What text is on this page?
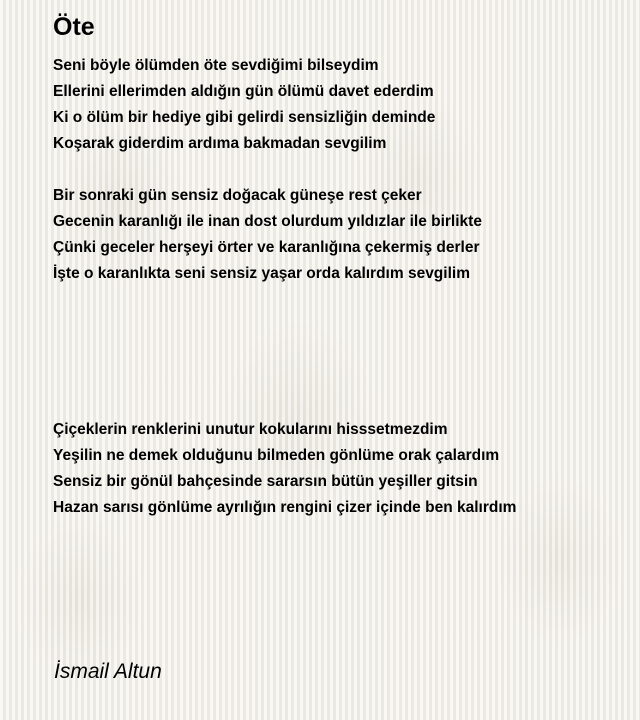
Öte

Seni böyle ölümden öte sevdiğimi bilseydim
Ellerini ellerimden aldığın gün ölümü davet ederdim
Ki o ölüm bir hediye gibi gelirdi sensizliğin deminde
Koşarak giderdim ardıma bakmadan sevgilim

Bir sonraki gün sensiz doğacak güneşe rest çeker
Gecenin karanlığı ile inan dost olurdum yıldızlar ile birlikte
Çünki geceler herşeyi örter ve karanlığına çekermiş derler
İşte o karanlıkta seni sensiz yaşar orda kalırdım sevgilim

Çiçeklerin renklerini unutur kokularını hisssetmezdim
Yeşilin ne demek olduğunu bilmeden gönlüme orak çalardım
Sensiz bir gönül bahçesinde sararsın bütün yeşiller gitsin
Hazan sarısı gönlüme ayrılığın rengini çizer içinde ben kalırdım

İsmail Altun
